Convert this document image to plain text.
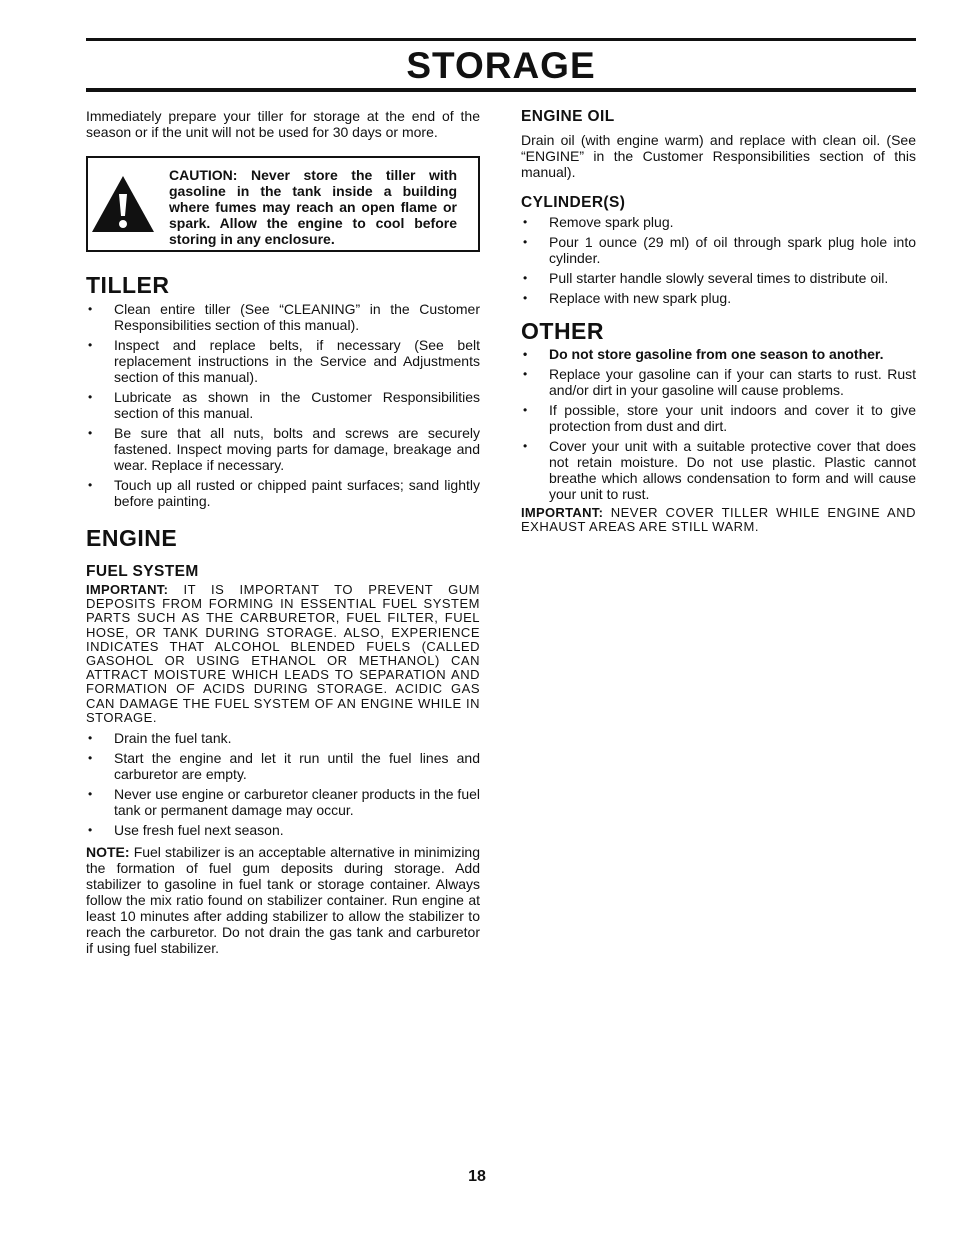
STORAGE

Immediately prepare your tiller for storage at the end of the season or if the unit will not be used for 30 days or more.

CAUTION: Never store the tiller with gasoline in the tank inside a building where fumes may reach an open flame or spark. Allow the engine to cool before storing in any enclosure.

TILLER
• Clean entire tiller (See “CLEANING” in the Customer Responsibilities section of this manual).
• Inspect and replace belts, if necessary (See belt replacement instructions in the Service and Adjustments section of this manual).
• Lubricate as shown in the Customer Responsibilities section of this manual.
• Be sure that all nuts, bolts and screws are securely fastened. Inspect moving parts for damage, breakage and wear. Replace if necessary.
• Touch up all rusted or chipped paint surfaces; sand lightly before painting.
ENGINE
FUEL SYSTEM

IMPORTANT: IT IS IMPORTANT TO PREVENT GUM DEPOSITS FROM FORMING IN ESSENTIAL FUEL SYSTEM PARTS SUCH AS THE CARBURETOR, FUEL FILTER, FUEL HOSE, OR TANK DURING STORAGE. ALSO, EXPERIENCE INDICATES THAT ALCOHOL BLENDED FUELS (CALLED GASOHOL OR USING ETHANOL OR METHANOL) CAN ATTRACT MOISTURE WHICH LEADS TO SEPARATION AND FORMATION OF ACIDS DURING STORAGE. ACIDIC GAS CAN DAMAGE THE FUEL SYSTEM OF AN ENGINE WHILE IN STORAGE.

• Drain the fuel tank.
• Start the engine and let it run until the fuel lines and carburetor are empty.
• Never use engine or carburetor cleaner products in the fuel tank or permanent damage may occur.
• Use fresh fuel next season.

NOTE: Fuel stabilizer is an acceptable alternative in minimizing the formation of fuel gum deposits during storage. Add stabilizer to gasoline in fuel tank or storage container. Always follow the mix ratio found on stabilizer container. Run engine at least 10 minutes after adding stabilizer to allow the stabilizer to reach the carburetor. Do not drain the gas tank and carburetor if using fuel stabilizer.

ENGINE OIL

Drain oil (with engine warm) and replace with clean oil. (See “ENGINE” in the Customer Responsibilities section of this manual).

CYLINDER(S)
• Remove spark plug.
• Pour 1 ounce (29 ml) of oil through spark plug hole into cylinder.
• Pull starter handle slowly several times to distribute oil.
• Replace with new spark plug.
OTHER
• Do not store gasoline from one season to another.
• Replace your gasoline can if your can starts to rust. Rust and/or dirt in your gasoline will cause problems.
• If possible, store your unit indoors and cover it to give protection from dust and dirt.
• Cover your unit with a suitable protective cover that does not retain moisture. Do not use plastic. Plastic cannot breathe which allows condensation to form and will cause your unit to rust.

IMPORTANT: NEVER COVER TILLER WHILE ENGINE AND EXHAUST AREAS ARE STILL WARM.

18
